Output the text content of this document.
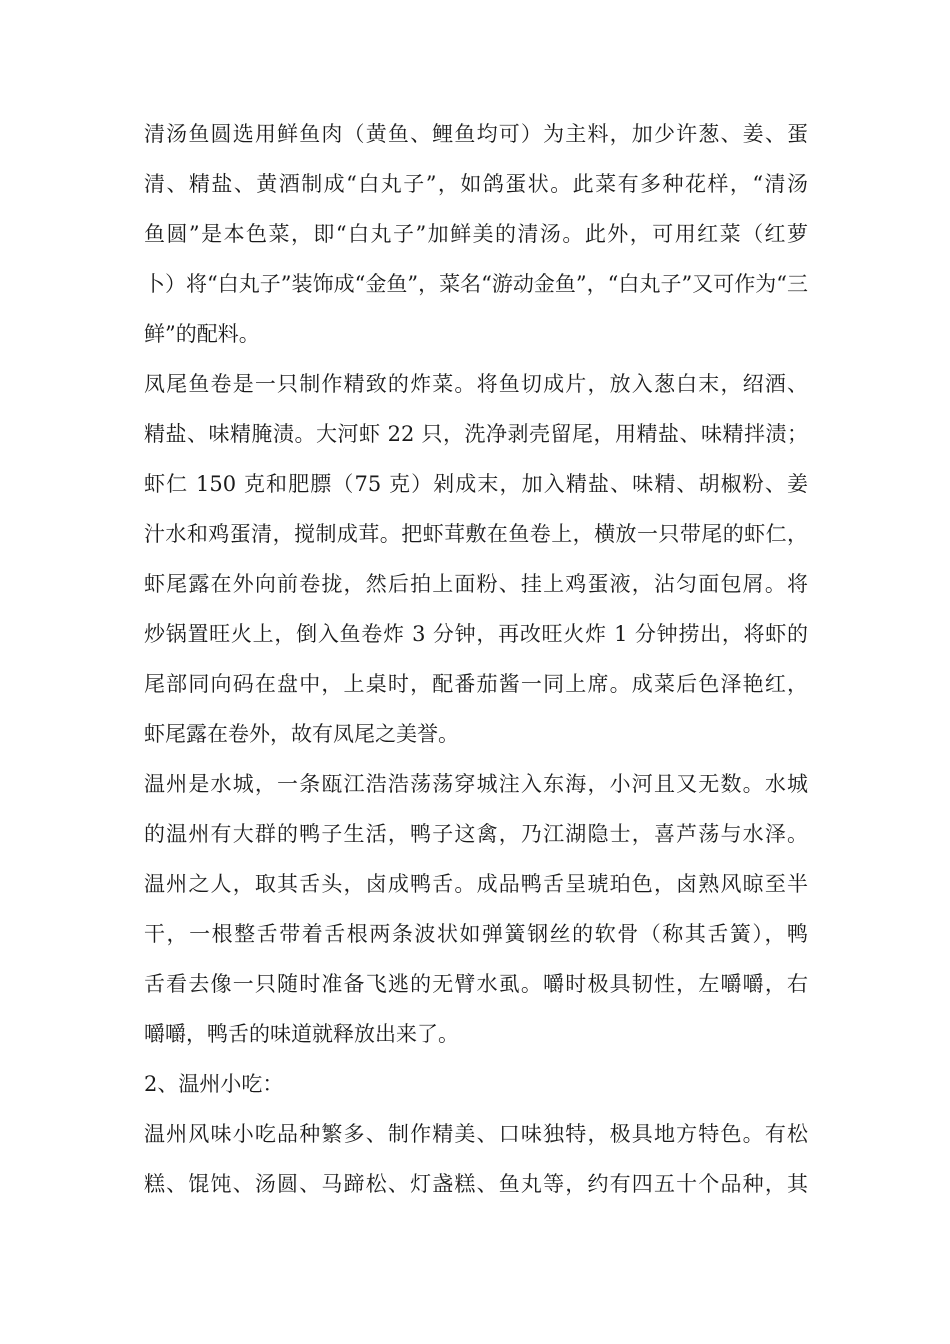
清汤鱼圆选用鲜鱼肉（黄鱼、鲤鱼均可）为主料，加少许葱、姜、蛋
清、精盐、黄酒制成“白丸子”，如鸽蛋状。此菜有多种花样，“清汤
鱼圆”是本色菜，即“白丸子”加鲜美的清汤。此外，可用红菜（红萝
卜）将“白丸子”装饰成“金鱼”，菜名“游动金鱼”，“白丸子”又可作为“三
鲜”的配料。
凤尾鱼卷是一只制作精致的炸菜。将鱼切成片，放入葱白末，绍酒、
精盐、味精腌渍。大河虾 22 只，洗净剥壳留尾，用精盐、味精拌渍；
虾仁 150 克和肥膘（75 克）剁成末，加入精盐、味精、胡椒粉、姜
汁水和鸡蛋清，搅制成茸。把虾茸敷在鱼卷上，横放一只带尾的虾仁，
虾尾露在外向前卷拢，然后拍上面粉、挂上鸡蛋液，沾匀面包屑。将
炒锅置旺火上，倒入鱼卷炸 3 分钟，再改旺火炸 1 分钟捞出，将虾的
尾部同向码在盘中，上桌时，配番茄酱一同上席。成菜后色泽艳红，
虾尾露在卷外，故有凤尾之美誉。
温州是水城，一条瓯江浩浩荡荡穿城注入东海，小河且又无数。水城
的温州有大群的鸭子生活，鸭子这禽，乃江湖隐士，喜芦荡与水泽。
温州之人，取其舌头，卤成鸭舌。成品鸭舌呈琥珀色，卤熟风晾至半
干，一根整舌带着舌根两条波状如弹簧钢丝的软骨（称其舌簧），鸭
舌看去像一只随时准备飞逃的无臂水虱。嚼时极具韧性，左嚼嚼，右
嚼嚼，鸭舌的味道就释放出来了。
2、温州小吃：
温州风味小吃品种繁多、制作精美、口味独特，极具地方特色。有松
糕、馄饨、汤圆、马蹄松、灯盏糕、鱼丸等，约有四五十个品种，其
